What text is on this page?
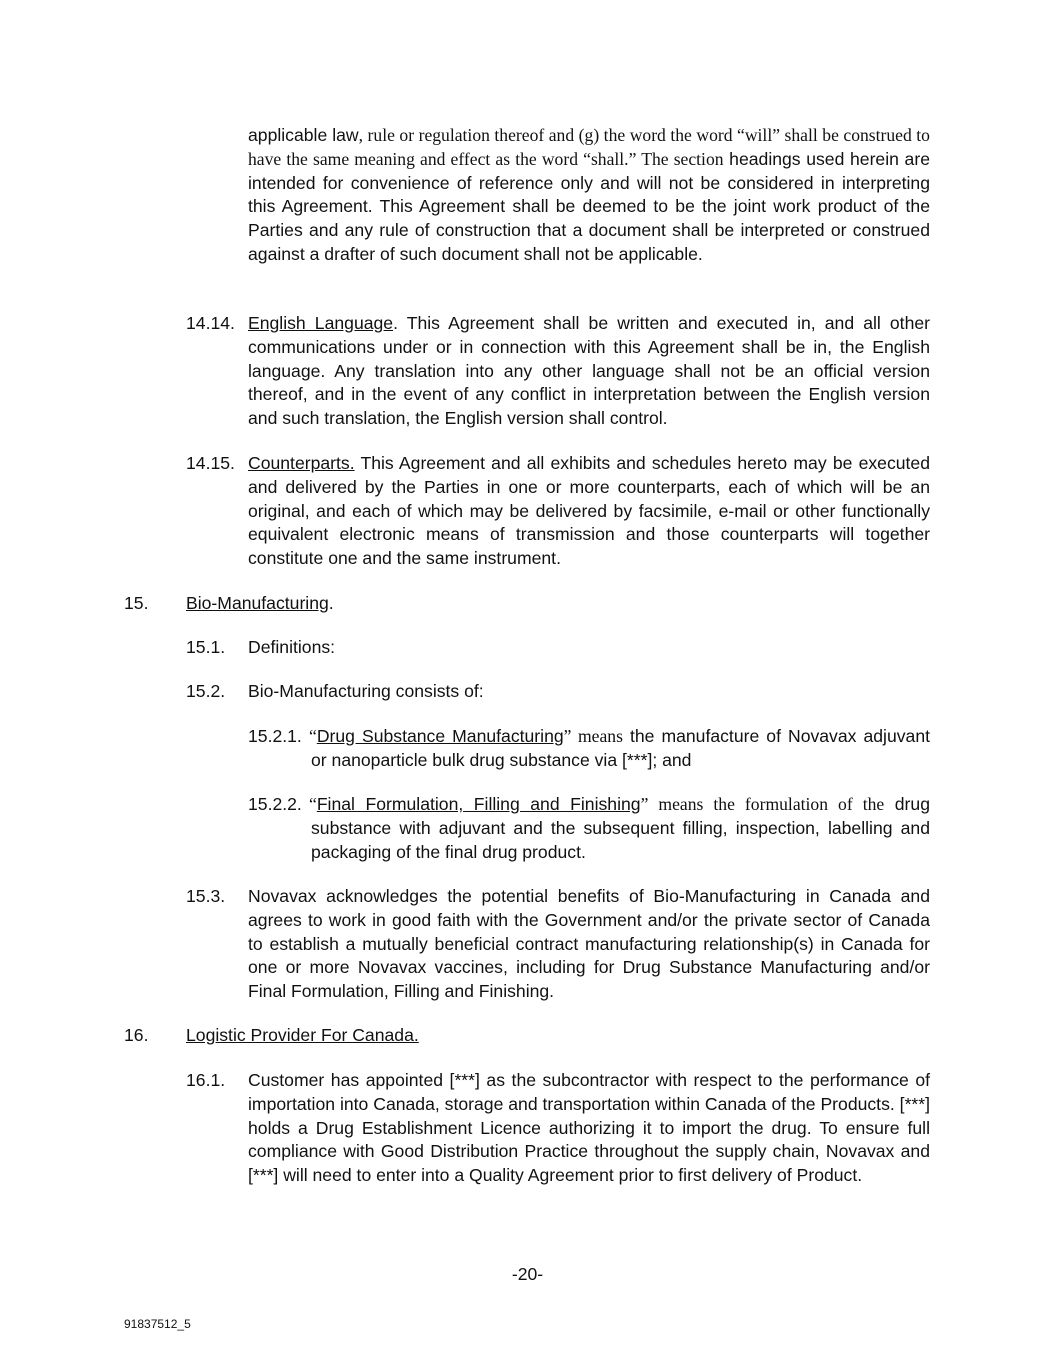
applicable law, rule or regulation thereof and (g) the word the word “will” shall be construed to have the same meaning and effect as the word “shall.” The section headings used herein are intended for convenience of reference only and will not be considered in interpreting this Agreement. This Agreement shall be deemed to be the joint work product of the Parties and any rule of construction that a document shall be interpreted or construed against a drafter of such document shall not be applicable.
14.14. English Language. This Agreement shall be written and executed in, and all other communications under or in connection with this Agreement shall be in, the English language. Any translation into any other language shall not be an official version thereof, and in the event of any conflict in interpretation between the English version and such translation, the English version shall control.
14.15. Counterparts. This Agreement and all exhibits and schedules hereto may be executed and delivered by the Parties in one or more counterparts, each of which will be an original, and each of which may be delivered by facsimile, e-mail or other functionally equivalent electronic means of transmission and those counterparts will together constitute one and the same instrument.
15. Bio-Manufacturing.
15.1. Definitions:
15.2. Bio-Manufacturing consists of:
15.2.1. “Drug Substance Manufacturing” means the manufacture of Novavax adjuvant or nanoparticle bulk drug substance via [***]; and
15.2.2. “Final Formulation, Filling and Finishing” means the formulation of the drug substance with adjuvant and the subsequent filling, inspection, labelling and packaging of the final drug product.
15.3. Novavax acknowledges the potential benefits of Bio-Manufacturing in Canada and agrees to work in good faith with the Government and/or the private sector of Canada to establish a mutually beneficial contract manufacturing relationship(s) in Canada for one or more Novavax vaccines, including for Drug Substance Manufacturing and/or Final Formulation, Filling and Finishing.
16. Logistic Provider For Canada.
16.1. Customer has appointed [***] as the subcontractor with respect to the performance of importation into Canada, storage and transportation within Canada of the Products. [***] holds a Drug Establishment Licence authorizing it to import the drug. To ensure full compliance with Good Distribution Practice throughout the supply chain, Novavax and [***] will need to enter into a Quality Agreement prior to first delivery of Product.
-20-
91837512_5
